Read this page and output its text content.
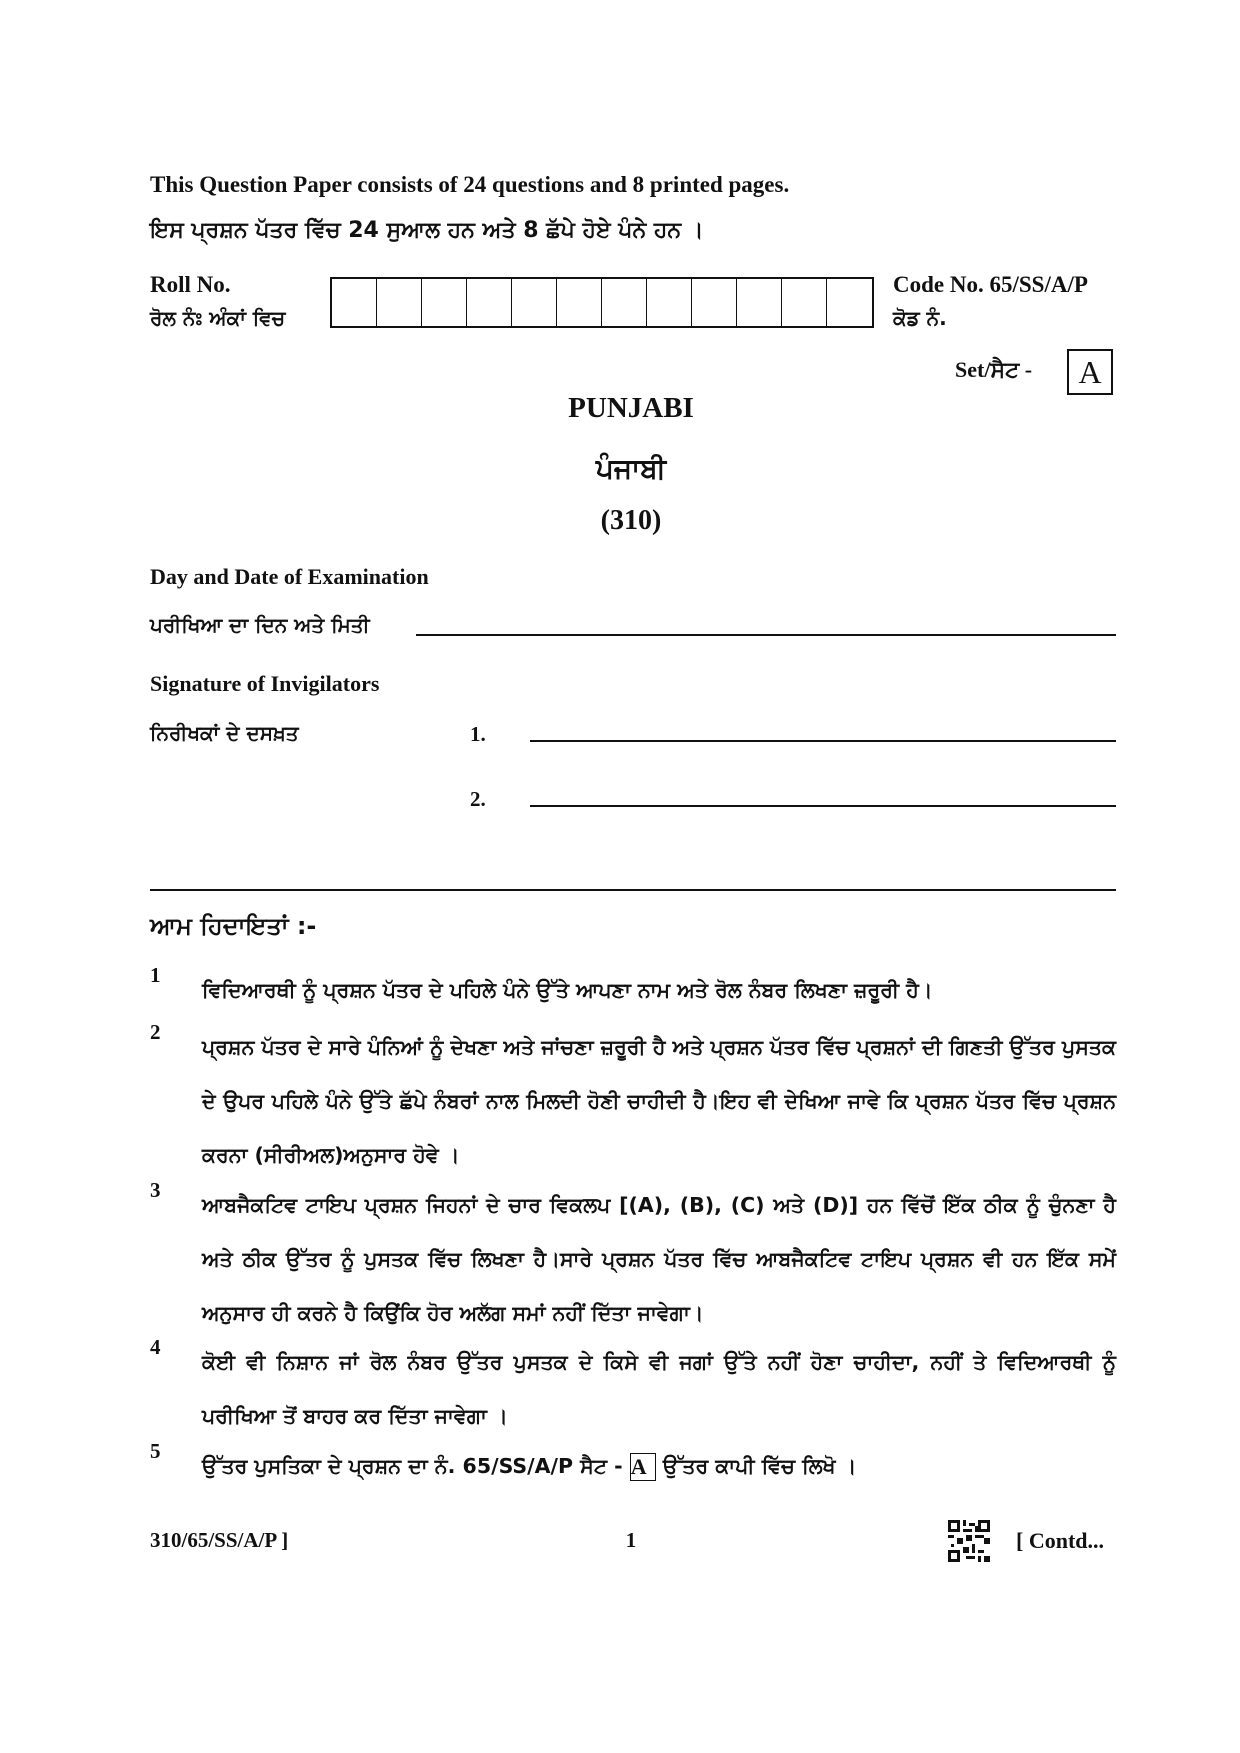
This Question Paper consists of 24 questions and 8 printed pages.
ਇਸ ਪ੍ਰਸ਼ਨ ਪੱਤਰ ਵਿੱਚ 24 ਸੁਆਲ ਹਨ ਅਤੇ 8 ਛੱਪੇ ਹੋਏ ਪੰਨੇ ਹਨ ।
Roll No.
ਰੋਲ ਨੰਃ ਅੰਕਾਂ ਵਿਚ
Code No. 65/SS/A/P
ਕੋਡ ਨੰ.
Set/ਸੈਟ -	A
PUNJABI
ਪੰਜਾਬੀ
(310)
Day and Date of Examination
ਪਰੀਖਿਆ ਦਾ ਦਿਨ ਅਤੇ ਮਿਤੀ
Signature of Invigilators
ਨਿਰੀਖਕਾਂ ਦੇ ਦਸਖ਼ਤ	1.
2.
ਆਮ ਹਿਦਾਇਤਾਂ :-
1
ਵਿਦਿਆਰਥੀ ਨੂੰ ਪ੍ਰਸ਼ਨ ਪੱਤਰ ਦੇ ਪਹਿਲੇ ਪੰਨੇ ਉੱਤੇ ਆਪਣਾ ਨਾਮ ਅਤੇ ਰੋਲ ਨੰਬਰ ਲਿਖਣਾ ਜ਼ਰੂਰੀ ਹੈ।
2
ਪ੍ਰਸ਼ਨ ਪੱਤਰ ਦੇ ਸਾਰੇ ਪੰਨਿਆਂ ਨੂੰ ਦੇਖਣਾ ਅਤੇ ਜਾਂਚਣਾ ਜ਼ਰੂਰੀ ਹੈ ਅਤੇ ਪ੍ਰਸ਼ਨ ਪੱਤਰ ਵਿੱਚ ਪ੍ਰਸ਼ਨਾਂ ਦੀ ਗਿਣਤੀ ਉੱਤਰ ਪੁਸਤਕ ਦੇ ਉਪਰ ਪਹਿਲੇ ਪੰਨੇ ਉੱਤੇ ਛੱਪੇ ਨੰਬਰਾਂ ਨਾਲ ਮਿਲਦੀ ਹੋਣੀ ਚਾਹੀਦੀ ਹੈ।ਇਹ ਵੀ ਦੇਖਿਆ ਜਾਵੇ ਕਿ ਪ੍ਰਸ਼ਨ ਪੱਤਰ ਵਿੱਚ ਪ੍ਰਸ਼ਨ ਕਰਨਾ (ਸੀਰੀਅਲ)ਅਨੁਸਾਰ ਹੋਵੇ ।
3
ਆਬਜੈਕਟਿਵ ਟਾਇਪ ਪ੍ਰਸ਼ਨ ਜਿਹਨਾਂ ਦੇ ਚਾਰ ਵਿਕਲਪ [(A), (B), (C) ਅਤੇ (D)] ਹਨ ਵਿੱਚੋਂ ਇੱਕ ਠੀਕ ਨੂੰ ਚੁੰਨਣਾ ਹੈ ਅਤੇ ਠੀਕ ਉੱਤਰ ਨੂੰ ਪੁਸਤਕ ਵਿੱਚ ਲਿਖਣਾ ਹੈ।ਸਾਰੇ ਪ੍ਰਸ਼ਨ ਪੱਤਰ ਵਿੱਚ ਆਬਜੈਕਟਿਵ ਟਾਇਪ ਪ੍ਰਸ਼ਨ ਵੀ ਹਨ ਇੱਕ ਸਮੇਂ ਅਨੁਸਾਰ ਹੀ ਕਰਨੇ ਹੈ ਕਿਉਂਕਿ ਹੋਰ ਅਲੱਗ ਸਮਾਂ ਨਹੀਂ ਦਿੱਤਾ ਜਾਵੇਗਾ।
4
ਕੋਈ ਵੀ ਨਿਸ਼ਾਨ ਜਾਂ ਰੋਲ ਨੰਬਰ ਉੱਤਰ ਪੁਸਤਕ ਦੇ ਕਿਸੇ ਵੀ ਜਗਾਂ ਉੱਤੇ ਨਹੀਂ ਹੋਣਾ ਚਾਹੀਦਾ, ਨਹੀਂ ਤੇ ਵਿਦਿਆਰਥੀ ਨੂੰ ਪਰੀਖਿਆ ਤੋਂ ਬਾਹਰ ਕਰ ਦਿੱਤਾ ਜਾਵੇਗਾ ।
5
ਉੱਤਰ ਪੁਸਤਿਕਾ ਦੇ ਪ੍ਰਸ਼ਨ ਦਾ ਨੰ. 65/SS/A/P ਸੈਟ - A ਉੱਤਰ ਕਾਪੀ ਵਿੱਚ ਲਿਖੋ ।
310/65/SS/A/P ]	1	[ Contd...
